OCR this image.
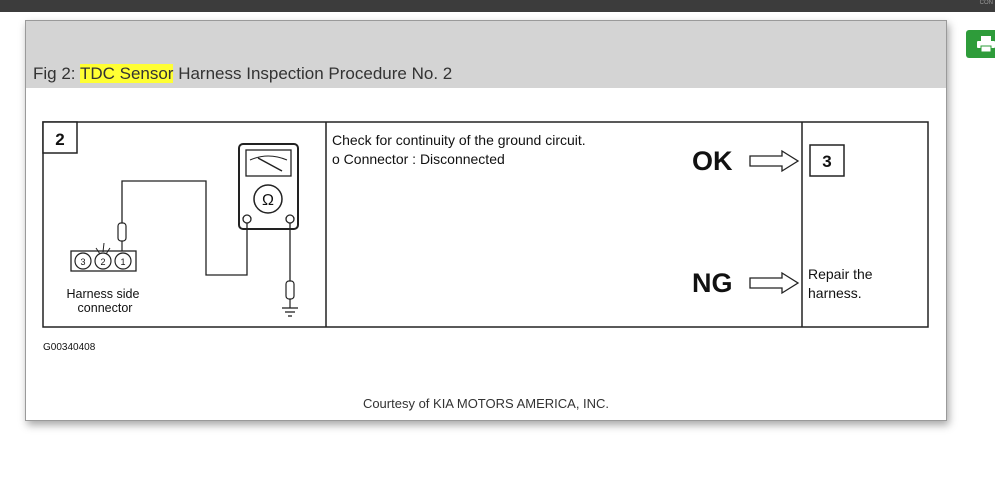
CON
Fig 2: TDC Sensor Harness Inspection Procedure No. 2
2
Ω
3 2 1
Harness side
connector
Check for continuity of the ground circuit.
o Connector : Disconnected	OK	3
NG	Repair the
harness.
G00340408
Courtesy of KIA MOTORS AMERICA, INC.
